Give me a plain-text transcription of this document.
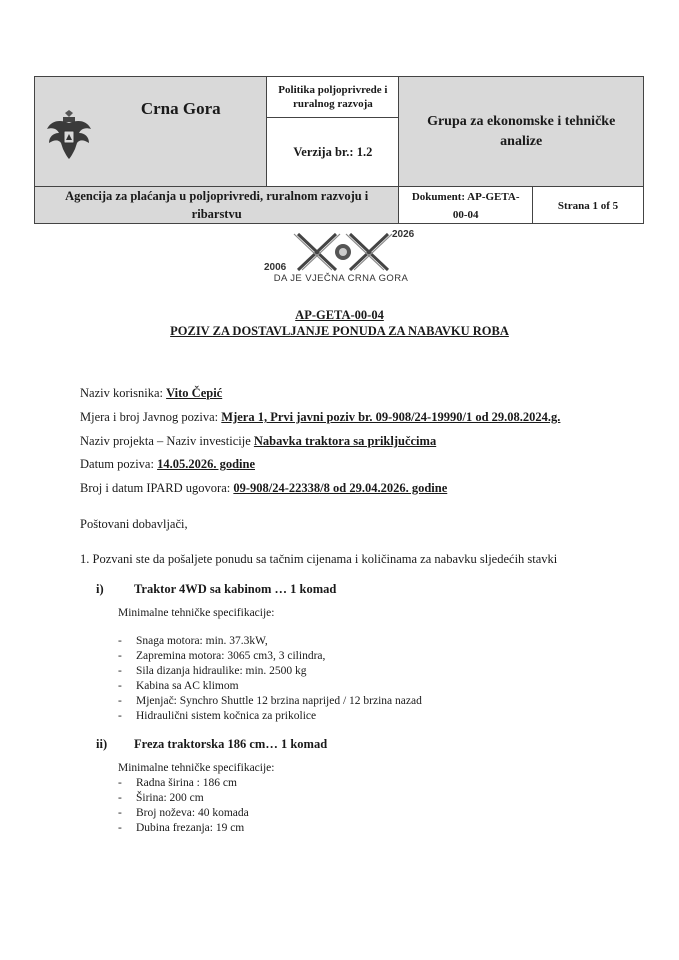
Crna Gora	Politika poljoprivrede i ruralnog razvoja
Verzija br.: 1.2	Grupa za ekonomske i tehničke analize	

Agencija za plaćanja u poljoprivredi, ruralnom razvoju i ribarstvu		Dokument: AP-GETA-00-04	Strana 1 of 5
2006
2026
DA JE VJEČNA CRNA GORA
AP-GETA-00-04
POZIV ZA DOSTAVLJANJE PONUDA ZA NABAVKU ROBA
Naziv korisnika: Vito Čepić
Mjera i broj Javnog poziva: Mjera 1, Prvi javni poziv br. 09-908/24-19990/1 od 29.08.2024.g.
Naziv projekta – Naziv investicije Nabavka traktora sa priključcima
Datum poziva: 14.05.2026. godine
Broj i datum IPARD ugovora: 09-908/24-22338/8 od 29.04.2026. godine
Poštovani dobavljači,
1. Pozvani ste da pošaljete ponudu sa tačnim cijenama i količinama za nabavku sljedećih stavki
i) Traktor 4WD sa kabinom … 1 komad
Minimalne tehničke specifikacije:
- Snaga motora: min. 37.3kW,
- Zapremina motora: 3065 cm3, 3 cilindra,
- Sila dizanja hidraulike: min. 2500 kg
- Kabina sa AC klimom
- Mjenjač: Synchro Shuttle 12 brzina naprijed / 12 brzina nazad
- Hidraulični sistem kočnica za prikolice
ii) Freza traktorska 186 cm… 1 komad
Minimalne tehničke specifikacije:
- Radna širina : 186 cm
- Širina: 200 cm
- Broj noževa: 40 komada
- Dubina frezanja: 19 cm
